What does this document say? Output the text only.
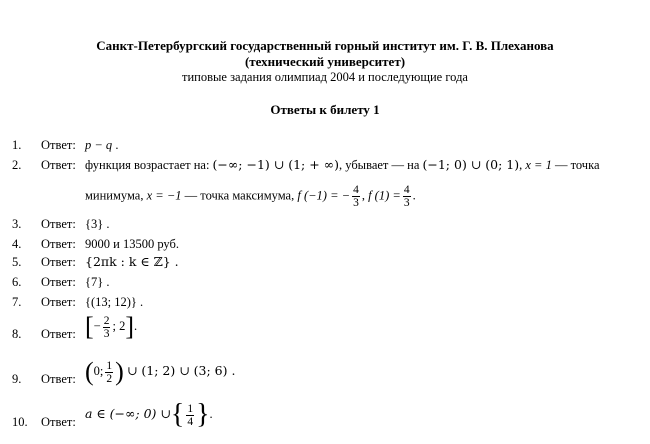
Санкт-Петербургский государственный горный институт им. Г. В. Плеханова
(технический университет)
типовые задания олимпиад 2004 и последующие года
Ответы к билету 1
1. Ответ: p − q .
2. Ответ: функция возрастает на: (−∞; −1) ∪ (1; + ∞), убывает — на (−1; 0) ∪ (0; 1), x = 1 — точка
минимума, x = −1 — точка максимума, f (−1) = − $\frac{4}{3}$ , f $(1) = \frac{4}{3}$ .
3. Ответ: {3} .
4. Ответ: 9000 и 13500 руб.
5. Ответ: {2πk : k ∈ ℤ} .
6. Ответ: {7} .
7. Ответ: {(13; 12)} .
8. Ответ: [− $\frac{2}{3}$ ; 2].
9. Ответ: (0; $\frac{1}{2}$ ) ∪ (1; 2) ∪ (3; 6) .
10. Ответ:
a ∈ (−∞; 0) ∪{ $\frac{1}{4}$ }.
